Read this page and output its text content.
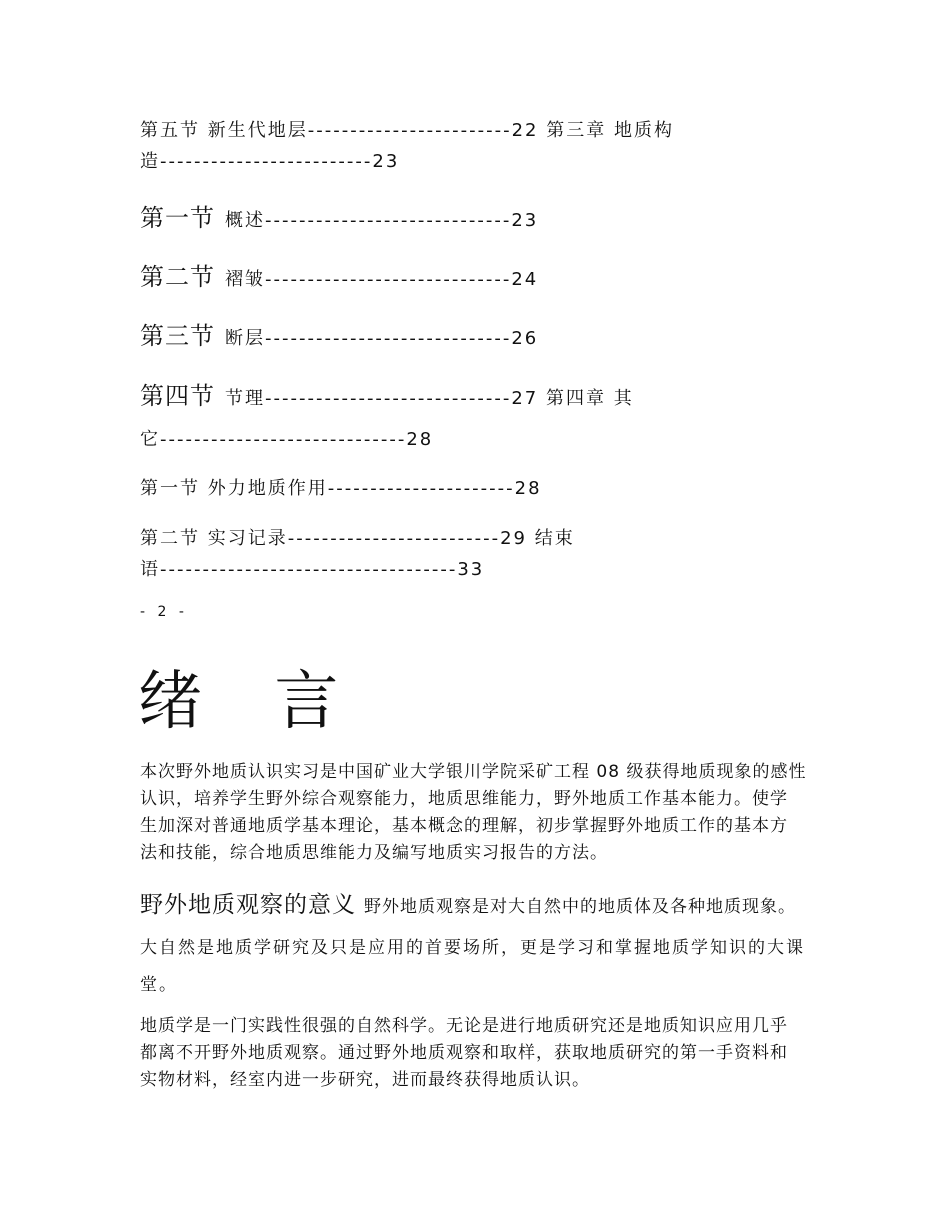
第五节 新生代地层------------------------22 第三章 地质构
造-------------------------23
第一节 概述-----------------------------23
第二节 褶皱-----------------------------24
第三节 断层-----------------------------26
第四节 节理-----------------------------27 第四章 其
它-----------------------------28
第一节 外力地质作用----------------------28
第二节 实习记录-------------------------29 结束
语-----------------------------------33
- 2 -
绪 言
本次野外地质认识实习是中国矿业大学银川学院采矿工程 08 级获得地质现象的感性
认识，培养学生野外综合观察能力，地质思维能力，野外地质工作基本能力。使学
生加深对普通地质学基本理论，基本概念的理解，初步掌握野外地质工作的基本方
法和技能，综合地质思维能力及编写地质实习报告的方法。
野外地质观察的意义 野外地质观察是对大自然中的地质体及各种地质现象。
大自然是地质学研究及只是应用的首要场所，更是学习和掌握地质学知识的大课
堂。
地质学是一门实践性很强的自然科学。无论是进行地质研究还是地质知识应用几乎
都离不开野外地质观察。通过野外地质观察和取样，获取地质研究的第一手资料和
实物材料，经室内进一步研究，进而最终获得地质认识。
